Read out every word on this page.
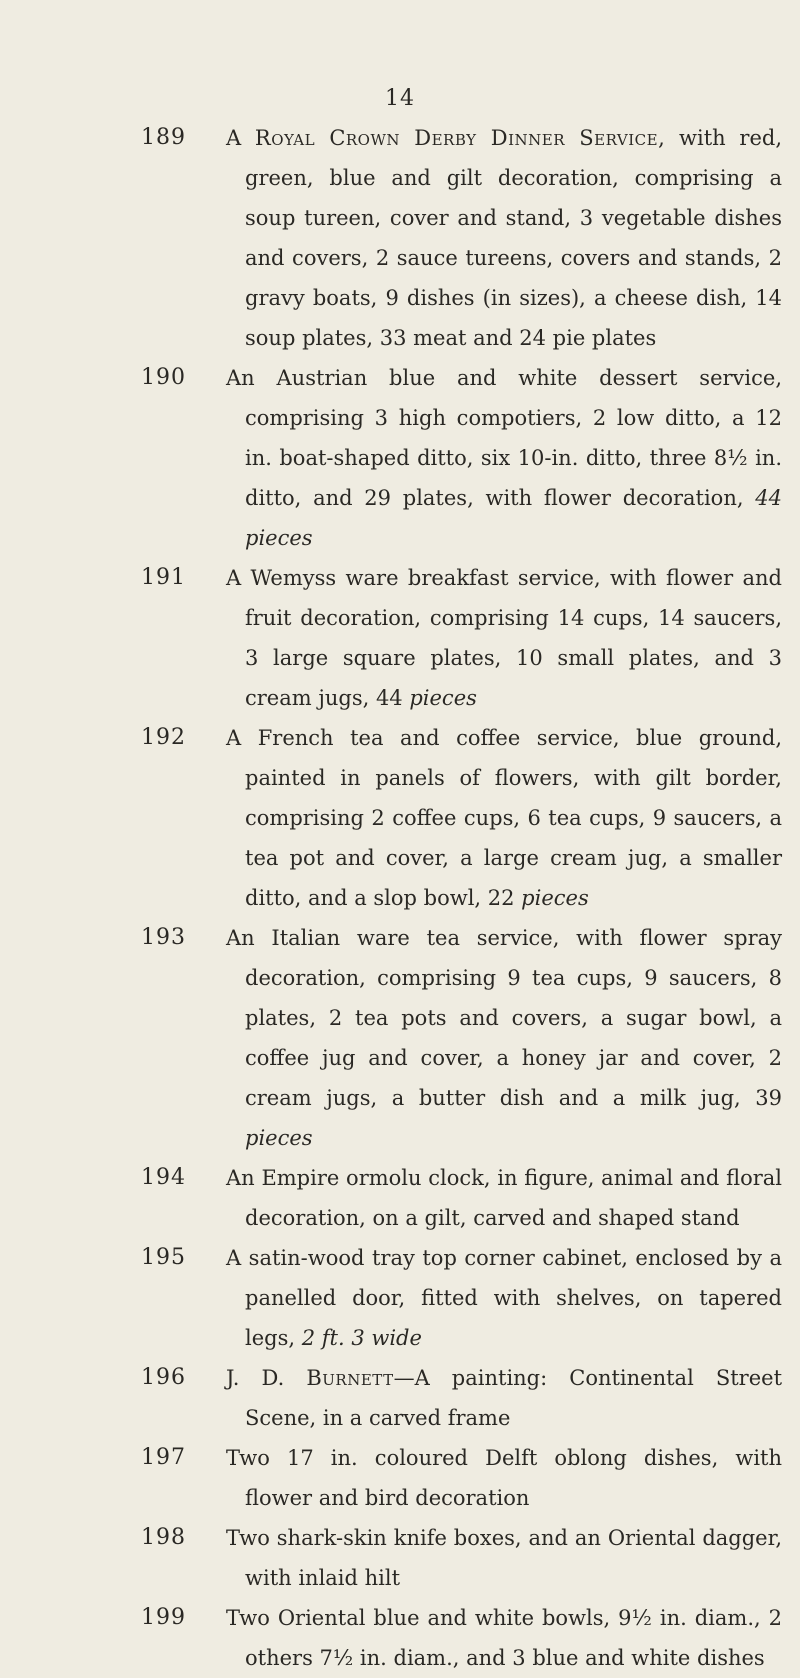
14
189 A Royal Crown Derby Dinner Service, with red, green, blue and gilt decoration, comprising a soup tureen, cover and stand, 3 vegetable dishes and covers, 2 sauce tureens, covers and stands, 2 gravy boats, 9 dishes (in sizes), a cheese dish, 14 soup plates, 33 meat and 24 pie plates
190 An Austrian blue and white dessert service, comprising 3 high compotiers, 2 low ditto, a 12 in. boat-shaped ditto, six 10-in. ditto, three 8½ in. ditto, and 29 plates, with flower decoration, 44 pieces
191 A Wemyss ware breakfast service, with flower and fruit decoration, comprising 14 cups, 14 saucers, 3 large square plates, 10 small plates, and 3 cream jugs, 44 pieces
192 A French tea and coffee service, blue ground, painted in panels of flowers, with gilt border, comprising 2 coffee cups, 6 tea cups, 9 saucers, a tea pot and cover, a large cream jug, a smaller ditto, and a slop bowl, 22 pieces
193 An Italian ware tea service, with flower spray decoration, comprising 9 tea cups, 9 saucers, 8 plates, 2 tea pots and covers, a sugar bowl, a coffee jug and cover, a honey jar and cover, 2 cream jugs, a butter dish and a milk jug, 39 pieces
194 An Empire ormolu clock, in figure, animal and floral decoration, on a gilt, carved and shaped stand
195 A satin-wood tray top corner cabinet, enclosed by a panelled door, fitted with shelves, on tapered legs, 2 ft. 3 wide
196 J. D. Burnett—A painting: Continental Street Scene, in a carved frame
197 Two 17 in. coloured Delft oblong dishes, with flower and bird decoration
198 Two shark-skin knife boxes, and an Oriental dagger, with inlaid hilt
199 Two Oriental blue and white bowls, 9½ in. diam., 2 others 7½ in. diam., and 3 blue and white dishes
